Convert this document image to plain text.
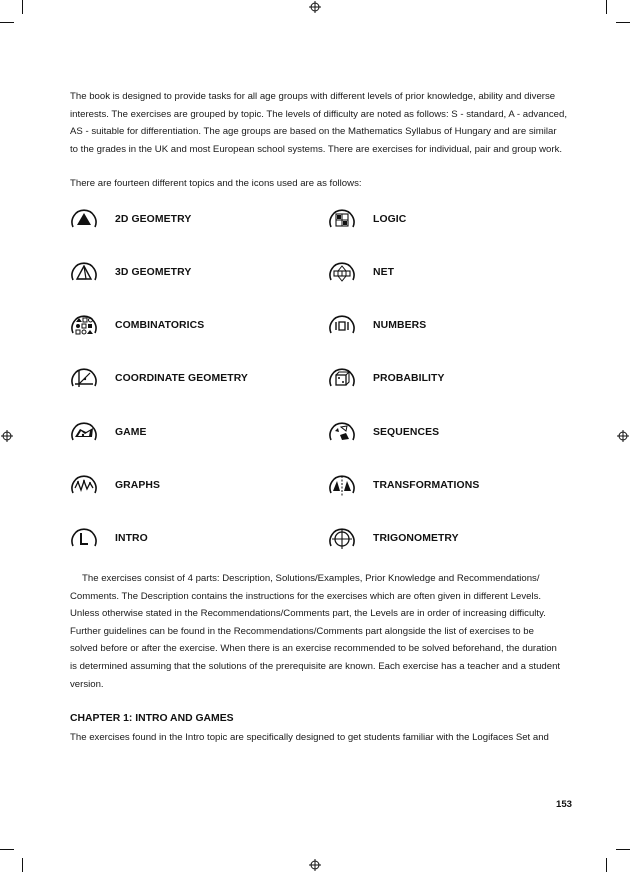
The book is designed to provide tasks for all age groups with different levels of prior knowledge, ability and diverse
interests. The exercises are grouped by topic. The levels of difficulty are noted as follows: S - standard, A - advanced,
AS - suitable for differentiation. The age groups are based on the Mathematics Syllabus of Hungary and are similar
to the grades in the UK and most European school systems. There are exercises for individual, pair and group work.
There are fourteen different topics and the icons used are as follows:
2D GEOMETRY
3D GEOMETRY
COMBINATORICS
COORDINATE GEOMETRY
GAME
GRAPHS
INTRO
LOGIC
NET
NUMBERS
PROBABILITY
SEQUENCES
TRANSFORMATIONS
TRIGONOMETRY
The exercises consist of 4 parts: Description, Solutions/Examples, Prior Knowledge and Recommendations/
Comments. The Description contains the instructions for the exercises which are often given in different Levels.
Unless otherwise stated in the Recommendations/Comments part, the Levels are in order of increasing difficulty.
Further guidelines can be found in the Recommendations/Comments part alongside the list of exercises to be
solved before or after the exercise. When there is an exercise recommended to be solved beforehand, the duration
is determined assuming that the solutions of the prerequisite are known. Each exercise has a teacher and a student
version.
CHAPTER 1: INTRO AND GAMES
The exercises found in the Intro topic are specifically designed to get students familiar with the Logifaces Set and
153
